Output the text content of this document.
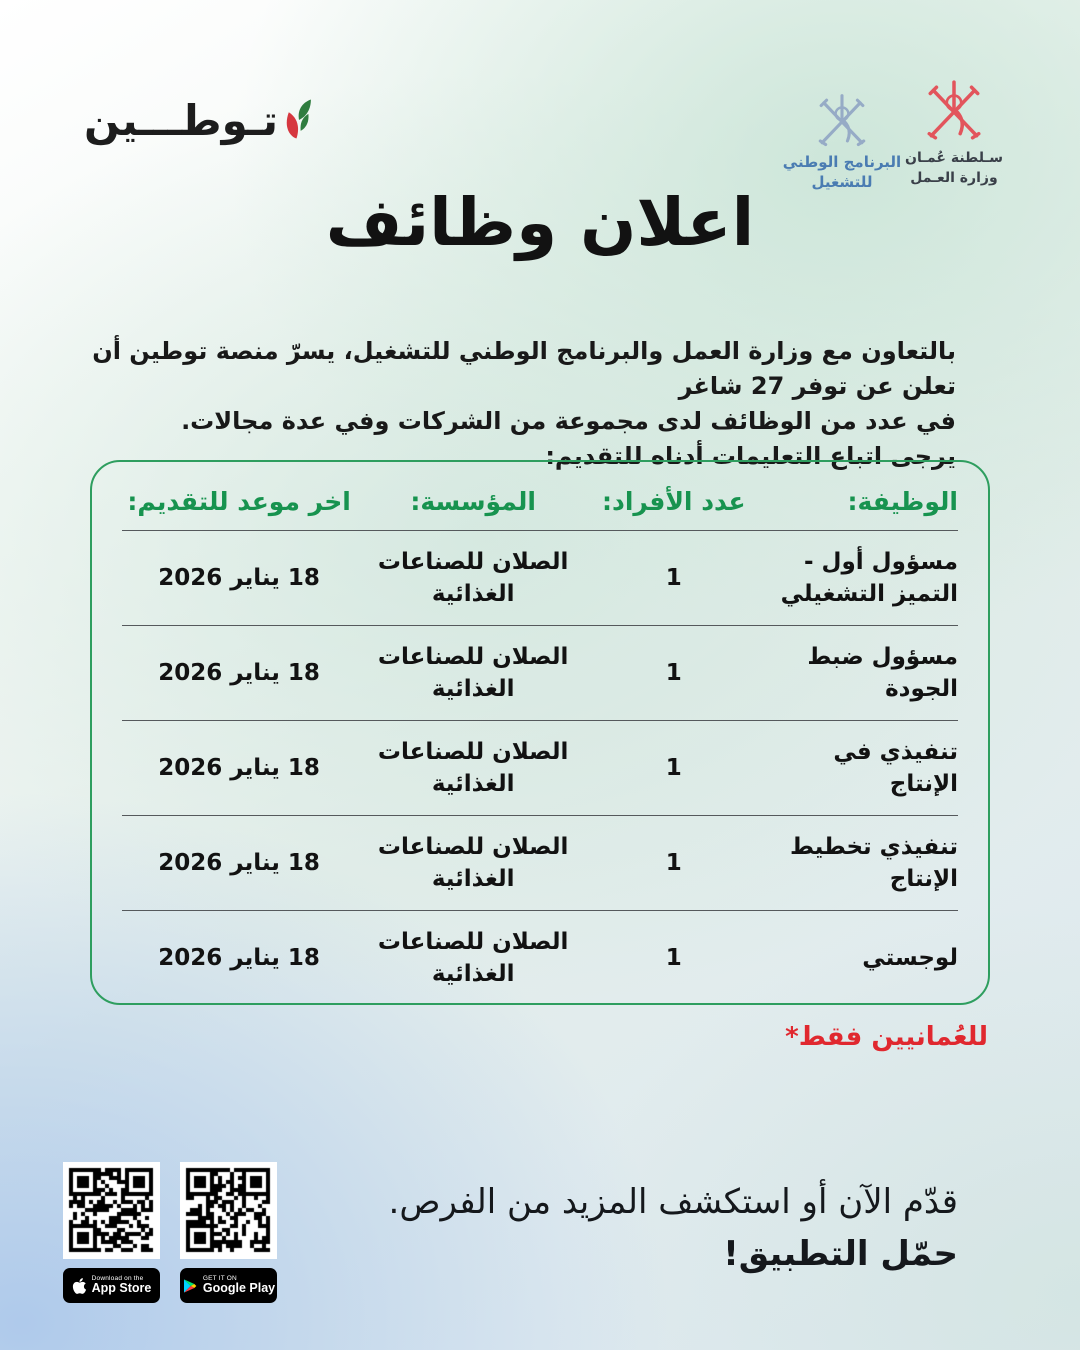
تـوطـــين
سـلطنة عُمـان
وزارة العـمل
البرنامج الوطني
للتشغيل
اعلان وظائف
بالتعاون مع وزارة العمل والبرنامج الوطني للتشغيل، يسرّ منصة توطين أن تعلن عن توفر 27 شاغر
في عدد من الوظائف لدى مجموعة من الشركات وفي عدة مجالات.
يرجى اتباع التعليمات أدناه للتقديم:
الوظيفة:
عدد الأفراد:
المؤسسة:
اخر موعد للتقديم:
مسؤول أول - التميز التشغيلي
1
الصلان للصناعات الغذائية
18 يناير 2026
مسؤول ضبط الجودة
1
الصلان للصناعات الغذائية
18 يناير 2026
تنفيذي في الإنتاج
1
الصلان للصناعات الغذائية
18 يناير 2026
تنفيذي تخطيط الإنتاج
1
الصلان للصناعات الغذائية
18 يناير 2026
لوجستي
1
الصلان للصناعات الغذائية
18 يناير 2026
للعُمانيين فقط*
قدّم الآن أو استكشف المزيد من الفرص.
حمّل التطبيق!
Download on the
App Store
GET IT ON
Google Play
